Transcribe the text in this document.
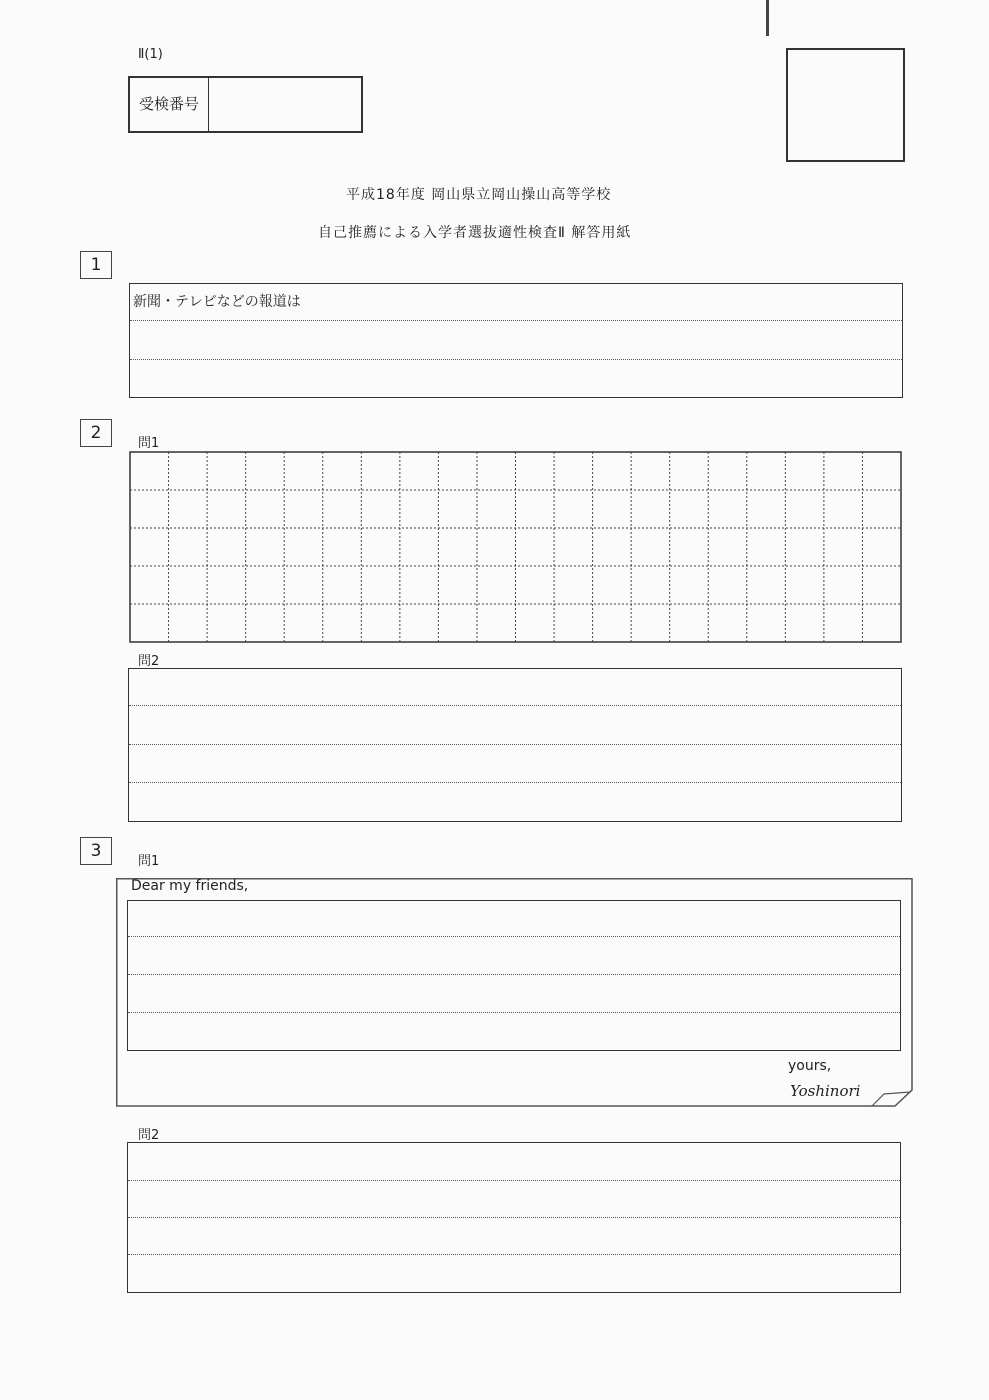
Ⅱ(1)
受検番号
平成18年度 岡山県立岡山操山高等学校
自己推薦による入学者選抜適性検査Ⅱ 解答用紙
1
新聞・テレビなどの報道は
2
問1
問2
3
問1
Dear my friends,
yours,
Yoshinori
問2
